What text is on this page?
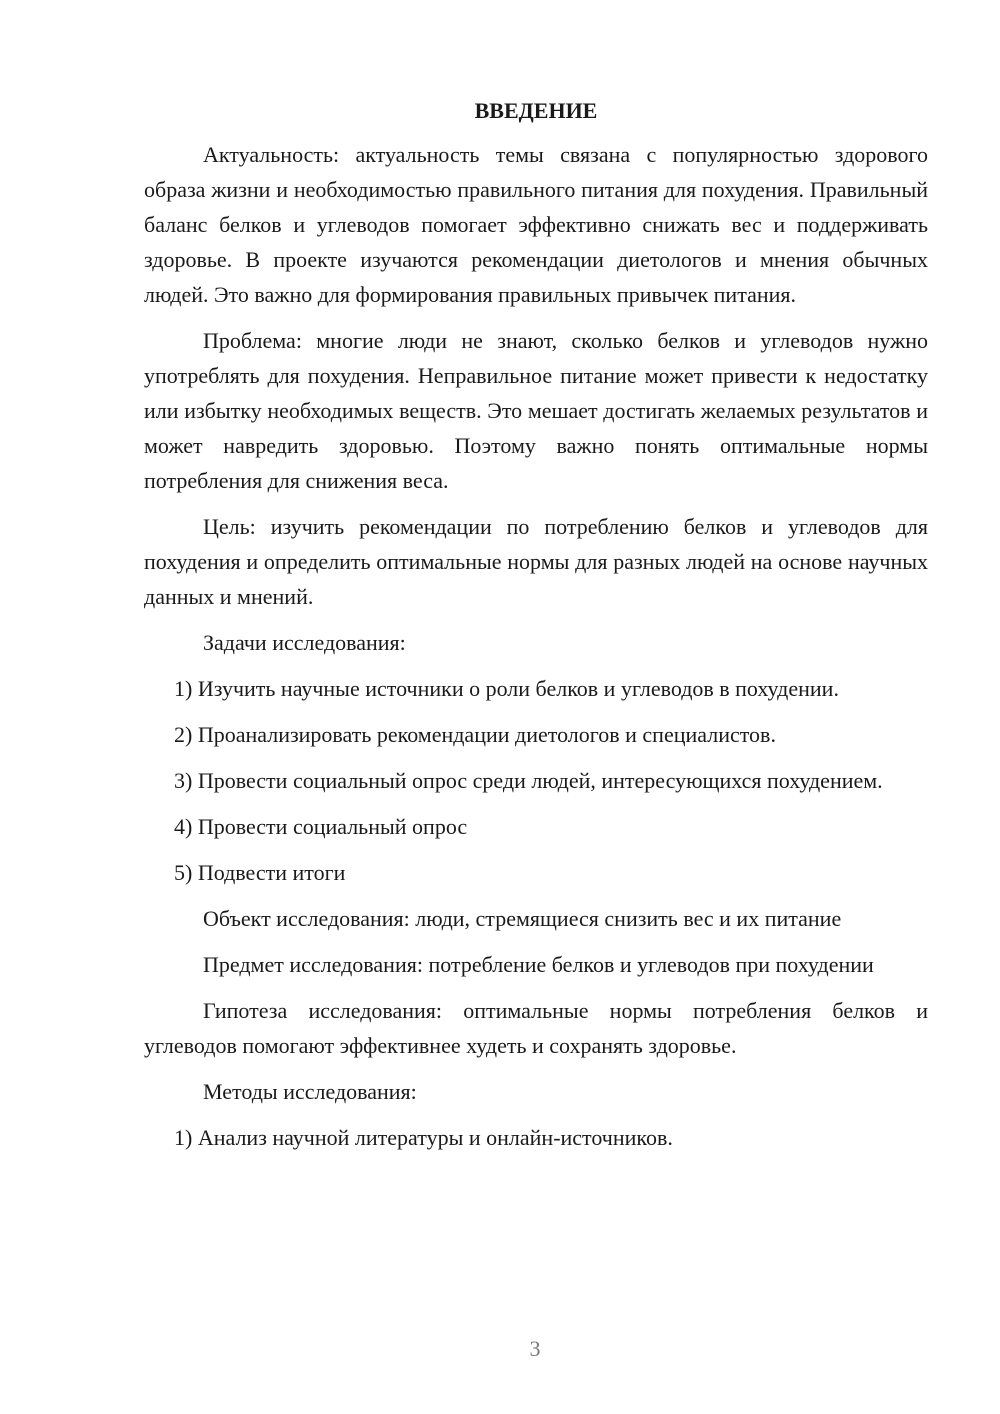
ВВЕДЕНИЕ

Актуальность: актуальность темы связана с популярностью здорового образа жизни и необходимостью правильного питания для похудения. Правильный баланс белков и углеводов помогает эффективно снижать вес и поддерживать здоровье. В проекте изучаются рекомендации диетологов и мнения обычных людей. Это важно для формирования правильных привычек питания.

Проблема: многие люди не знают, сколько белков и углеводов нужно употреблять для похудения. Неправильное питание может привести к недостатку или избытку необходимых веществ. Это мешает достигать желаемых результатов и может навредить здоровью. Поэтому важно понять оптимальные нормы потребления для снижения веса.

Цель: изучить рекомендации по потреблению белков и углеводов для похудения и определить оптимальные нормы для разных людей на основе научных данных и мнений.

Задачи исследования:

1) Изучить научные источники о роли белков и углеводов в похудении.

2) Проанализировать рекомендации диетологов и специалистов.

3) Провести социальный опрос среди людей, интересующихся похудением.

4) Провести социальный опрос

5) Подвести итоги

Объект исследования: люди, стремящиеся снизить вес и их питание

Предмет исследования: потребление белков и углеводов при похудении

Гипотеза исследования: оптимальные нормы потребления белков и углеводов помогают эффективнее худеть и сохранять здоровье.

Методы исследования:

1) Анализ научной литературы и онлайн-источников.

3
